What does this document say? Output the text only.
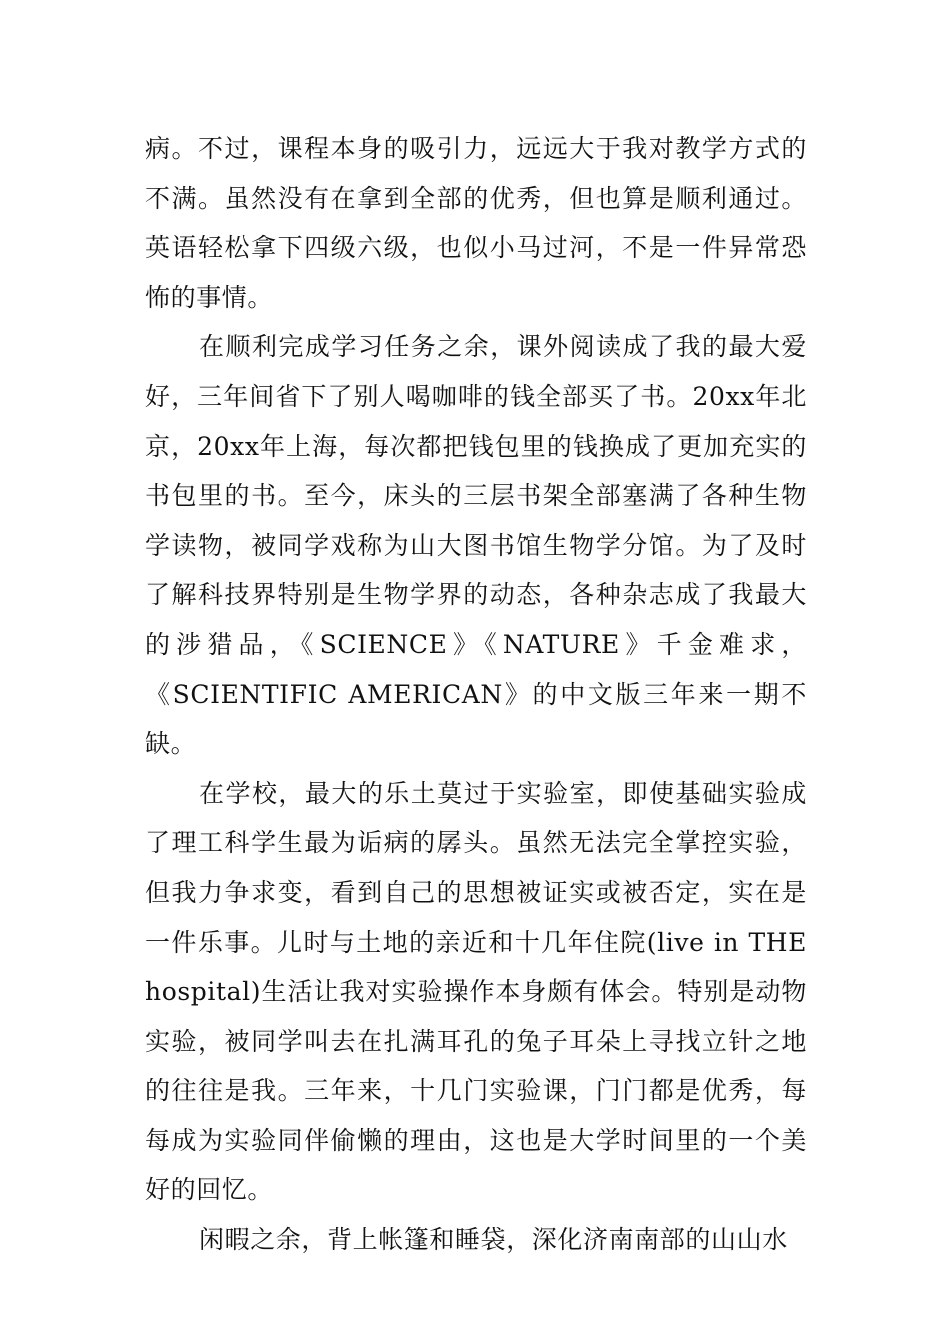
病。不过，课程本身的吸引力，远远大于我对教学方式的不满。虽然没有在拿到全部的优秀，但也算是顺利通过。英语轻松拿下四级六级，也似小马过河，不是一件异常恐怖的事情。

在顺利完成学习任务之余，课外阅读成了我的最大爱好，三年间省下了别人喝咖啡的钱全部买了书。20xx年北京，20xx年上海，每次都把钱包里的钱换成了更加充实的书包里的书。至今，床头的三层书架全部塞满了各种生物学读物，被同学戏称为山大图书馆生物学分馆。为了及时了解科技界特别是生物学界的动态，各种杂志成了我最大的涉猎品，《SCIENCE》《NATURE》千金难求，《SCIENTIFIC AMERICAN》的中文版三年来一期不缺。

在学校，最大的乐土莫过于实验室，即使基础实验成了理工科学生最为诟病的孱头。虽然无法完全掌控实验，但我力争求变，看到自己的思想被证实或被否定，实在是一件乐事。儿时与土地的亲近和十几年住院(live in THE hospital)生活让我对实验操作本身颇有体会。特别是动物实验，被同学叫去在扎满耳孔的兔子耳朵上寻找立针之地的往往是我。三年来，十几门实验课，门门都是优秀，每每成为实验同伴偷懒的理由，这也是大学时间里的一个美好的回忆。

闲暇之余，背上帐篷和睡袋，深化济南南部的山山水
